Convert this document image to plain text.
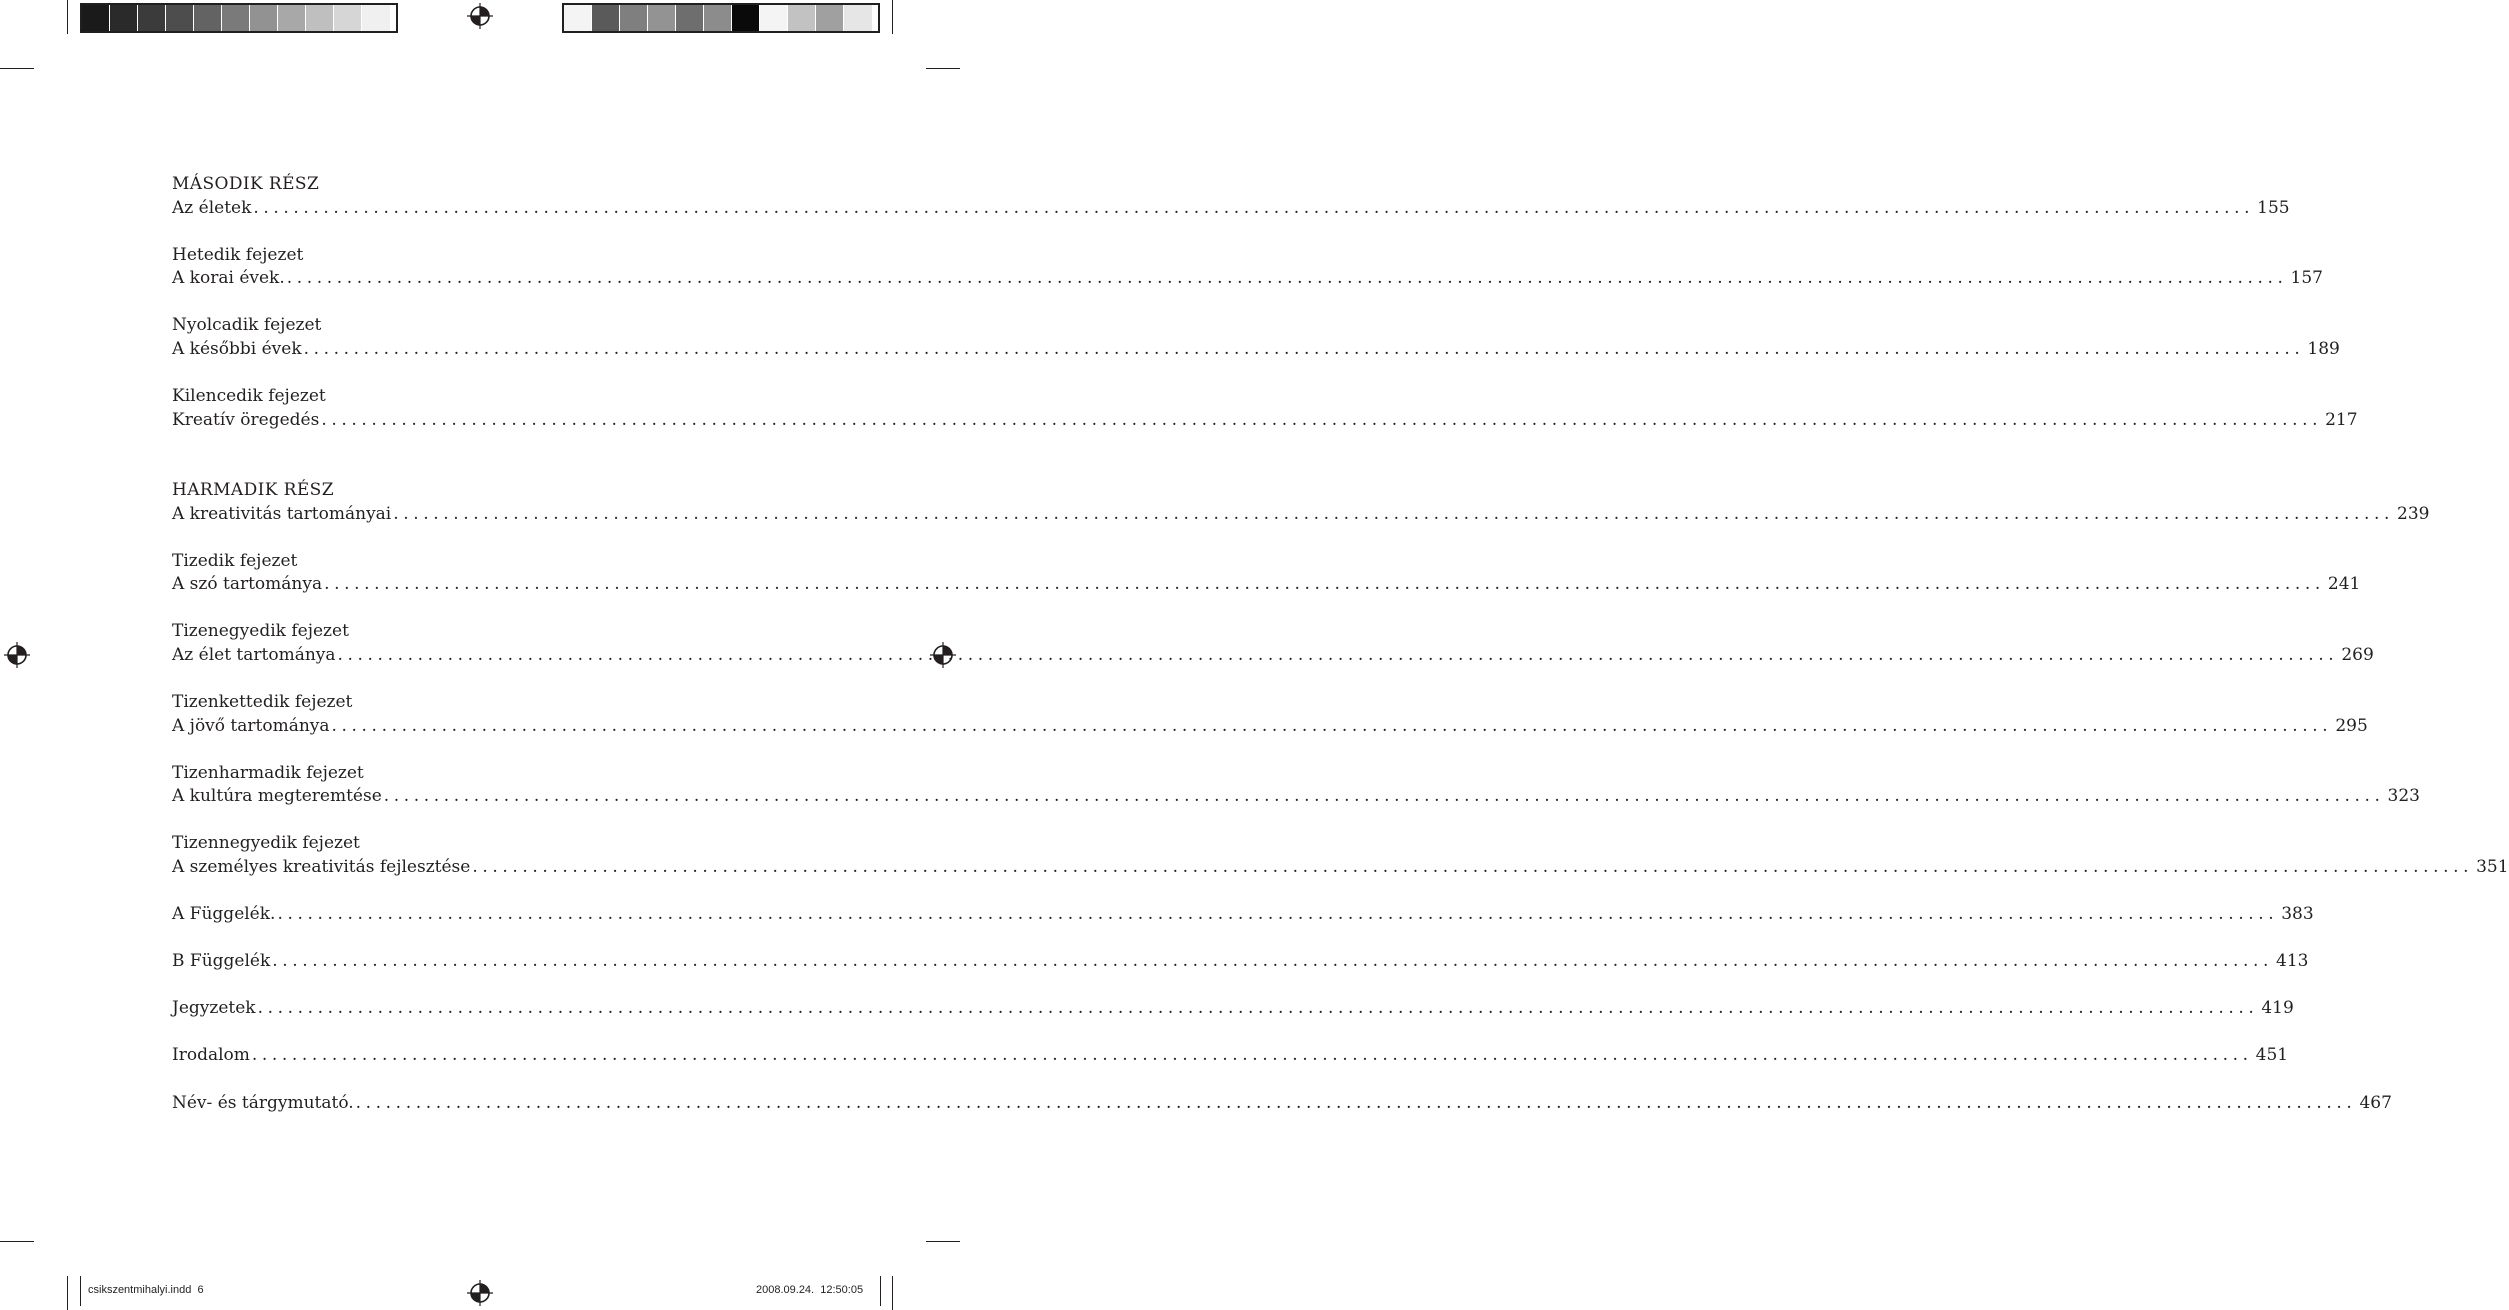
MÁSODIK RÉSZ
Az életek ........................................................................................................................................................................................................ 155
Hetedik fejezet
A korai évek. ........................................................................................................................................................................................................ 157
Nyolcadik fejezet
A későbbi évek ........................................................................................................................................................................................................ 189
Kilencedik fejezet
Kreatív öregedés ........................................................................................................................................................................................................ 217
HARMADIK RÉSZ
A kreativitás tartományai ........................................................................................................................................................................................................ 239
Tizedik fejezet
A szó tartománya ........................................................................................................................................................................................................ 241
Tizenegyedik fejezet
Az élet tartománya ........................................................................................................................................................................................................ 269
Tizenkettedik fejezet
A jövő tartománya ........................................................................................................................................................................................................ 295
Tizenharmadik fejezet
A kultúra megteremtése ........................................................................................................................................................................................................ 323
Tizennegyedik fejezet
A személyes kreativitás fejlesztése ........................................................................................................................................................................................................ 351
A Függelék. ........................................................................................................................................................................................................ 383
B Függelék ........................................................................................................................................................................................................ 413
Jegyzetek ........................................................................................................................................................................................................ 419
Irodalom ........................................................................................................................................................................................................ 451
Név- és tárgymutató. ........................................................................................................................................................................................................ 467
csikszentmihalyi.indd 6	2008.09.24. 12:50:05
